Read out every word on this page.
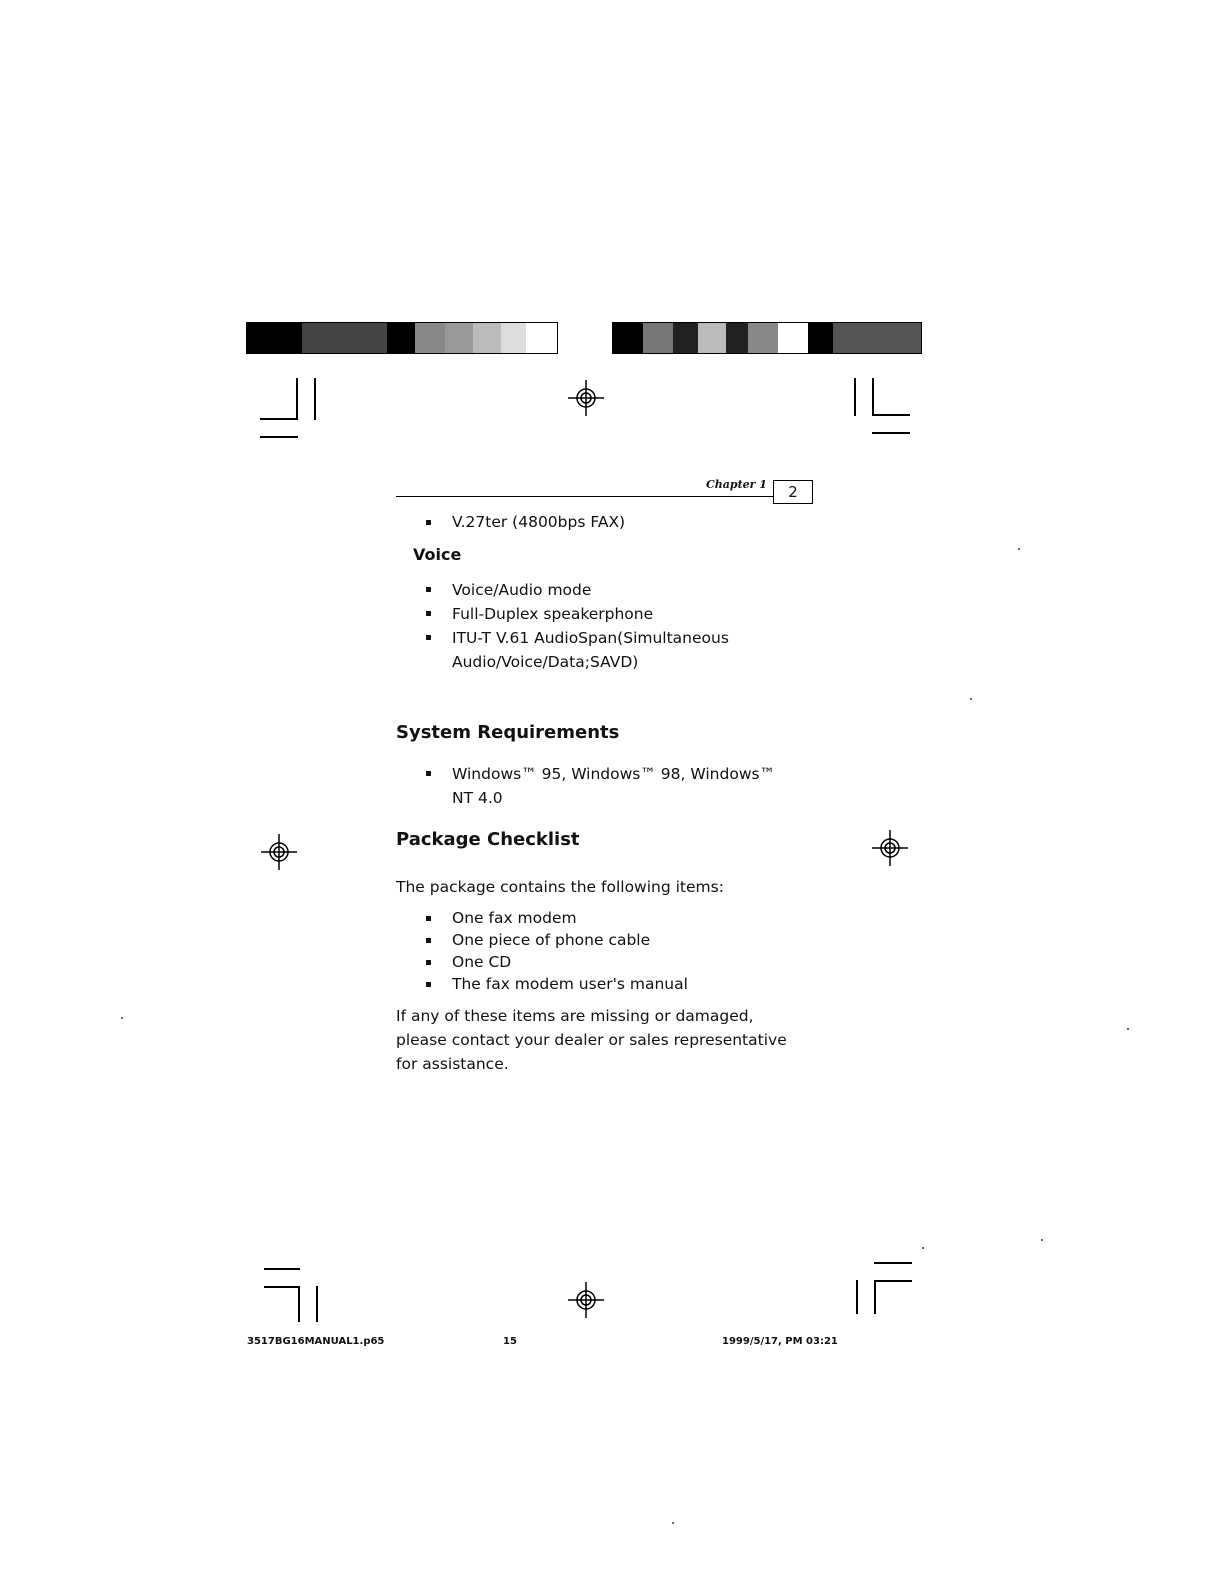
Chapter 1	2
V.27ter (4800bps FAX)
Voice
Voice/Audio mode
Full-Duplex speakerphone
ITU-T V.61 AudioSpan(Simultaneous
Audio/Voice/Data;SAVD)
System Requirements
Windows™ 95, Windows™ 98, Windows™
NT 4.0
Package Checklist
The package contains the following items:
One fax modem
One piece of phone cable
One CD
The fax modem user's manual
If any of these items are missing or damaged,
please contact your dealer or sales representative
for assistance.
3517BG16MANUAL1.p65	15	1999/5/17, PM 03:21
